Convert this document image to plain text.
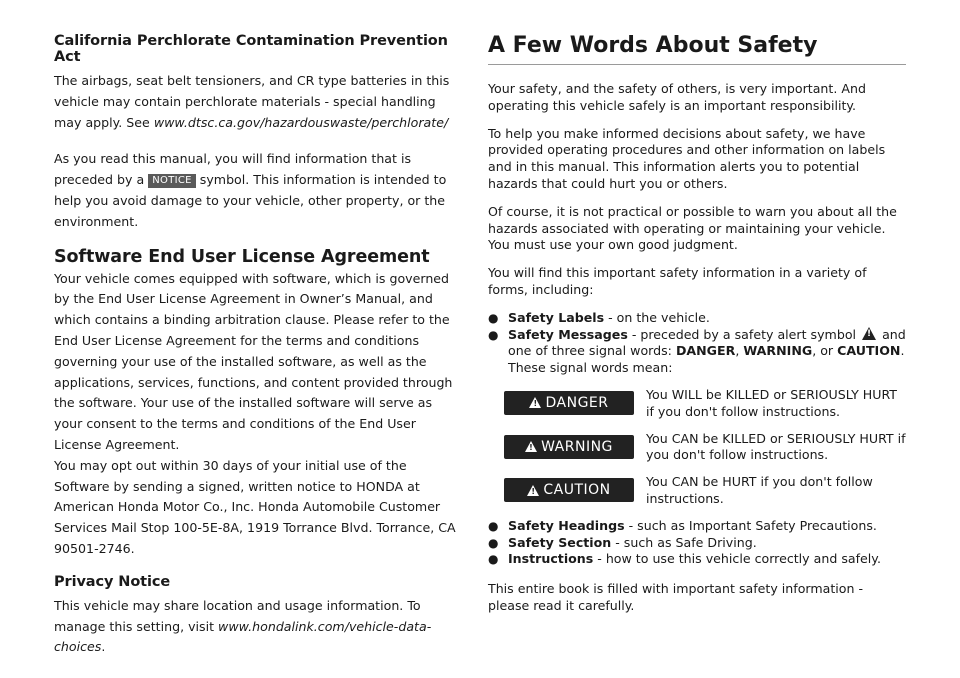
California Perchlorate Contamination Prevention Act

The airbags, seat belt tensioners, and CR type batteries in this vehicle may contain perchlorate materials - special handling may apply. See www.dtsc.ca.gov/hazardouswaste/perchlorate/

As you read this manual, you will find information that is preceded by a NOTICE symbol. This information is intended to help you avoid damage to your vehicle, other property, or the environment.

Software End User License Agreement

Your vehicle comes equipped with software, which is governed by the End User License Agreement in Owner’s Manual, and which contains a binding arbitration clause. Please refer to the End User License Agreement for the terms and conditions governing your use of the installed software, as well as the applications, services, functions, and content provided through the software. Your use of the installed software will serve as your consent to the terms and conditions of the End User License Agreement.

You may opt out within 30 days of your initial use of the Software by sending a signed, written notice to HONDA at American Honda Motor Co., Inc. Honda Automobile Customer Services Mail Stop 100-5E-8A, 1919 Torrance Blvd. Torrance, CA 90501-2746.

Privacy Notice

This vehicle may share location and usage information. To manage this setting, visit www.hondalink.com/vehicle-data-choices.

A Few Words About Safety

Your safety, and the safety of others, is very important. And operating this vehicle safely is an important responsibility.

To help you make informed decisions about safety, we have provided operating procedures and other information on labels and in this manual. This information alerts you to potential hazards that could hurt you or others.

Of course, it is not practical or possible to warn you about all the hazards associated with operating or maintaining your vehicle. You must use your own good judgment.

You will find this important safety information in a variety of forms, including:

● Safety Labels - on the vehicle.
● Safety Messages - preceded by a safety alert symbol ! and one of three signal words: DANGER, WARNING, or CAUTION.
These signal words mean:
!
DANGER
You WILL be KILLED or SERIOUSLY HURT if you don't follow instructions.
!
WARNING
You CAN be KILLED or SERIOUSLY HURT if you don't follow instructions.
!
CAUTION
You CAN be HURT if you don't follow instructions.
● Safety Headings - such as Important Safety Precautions.
● Safety Section - such as Safe Driving.
● Instructions - how to use this vehicle correctly and safely.

This entire book is filled with important safety information - please read it carefully.
